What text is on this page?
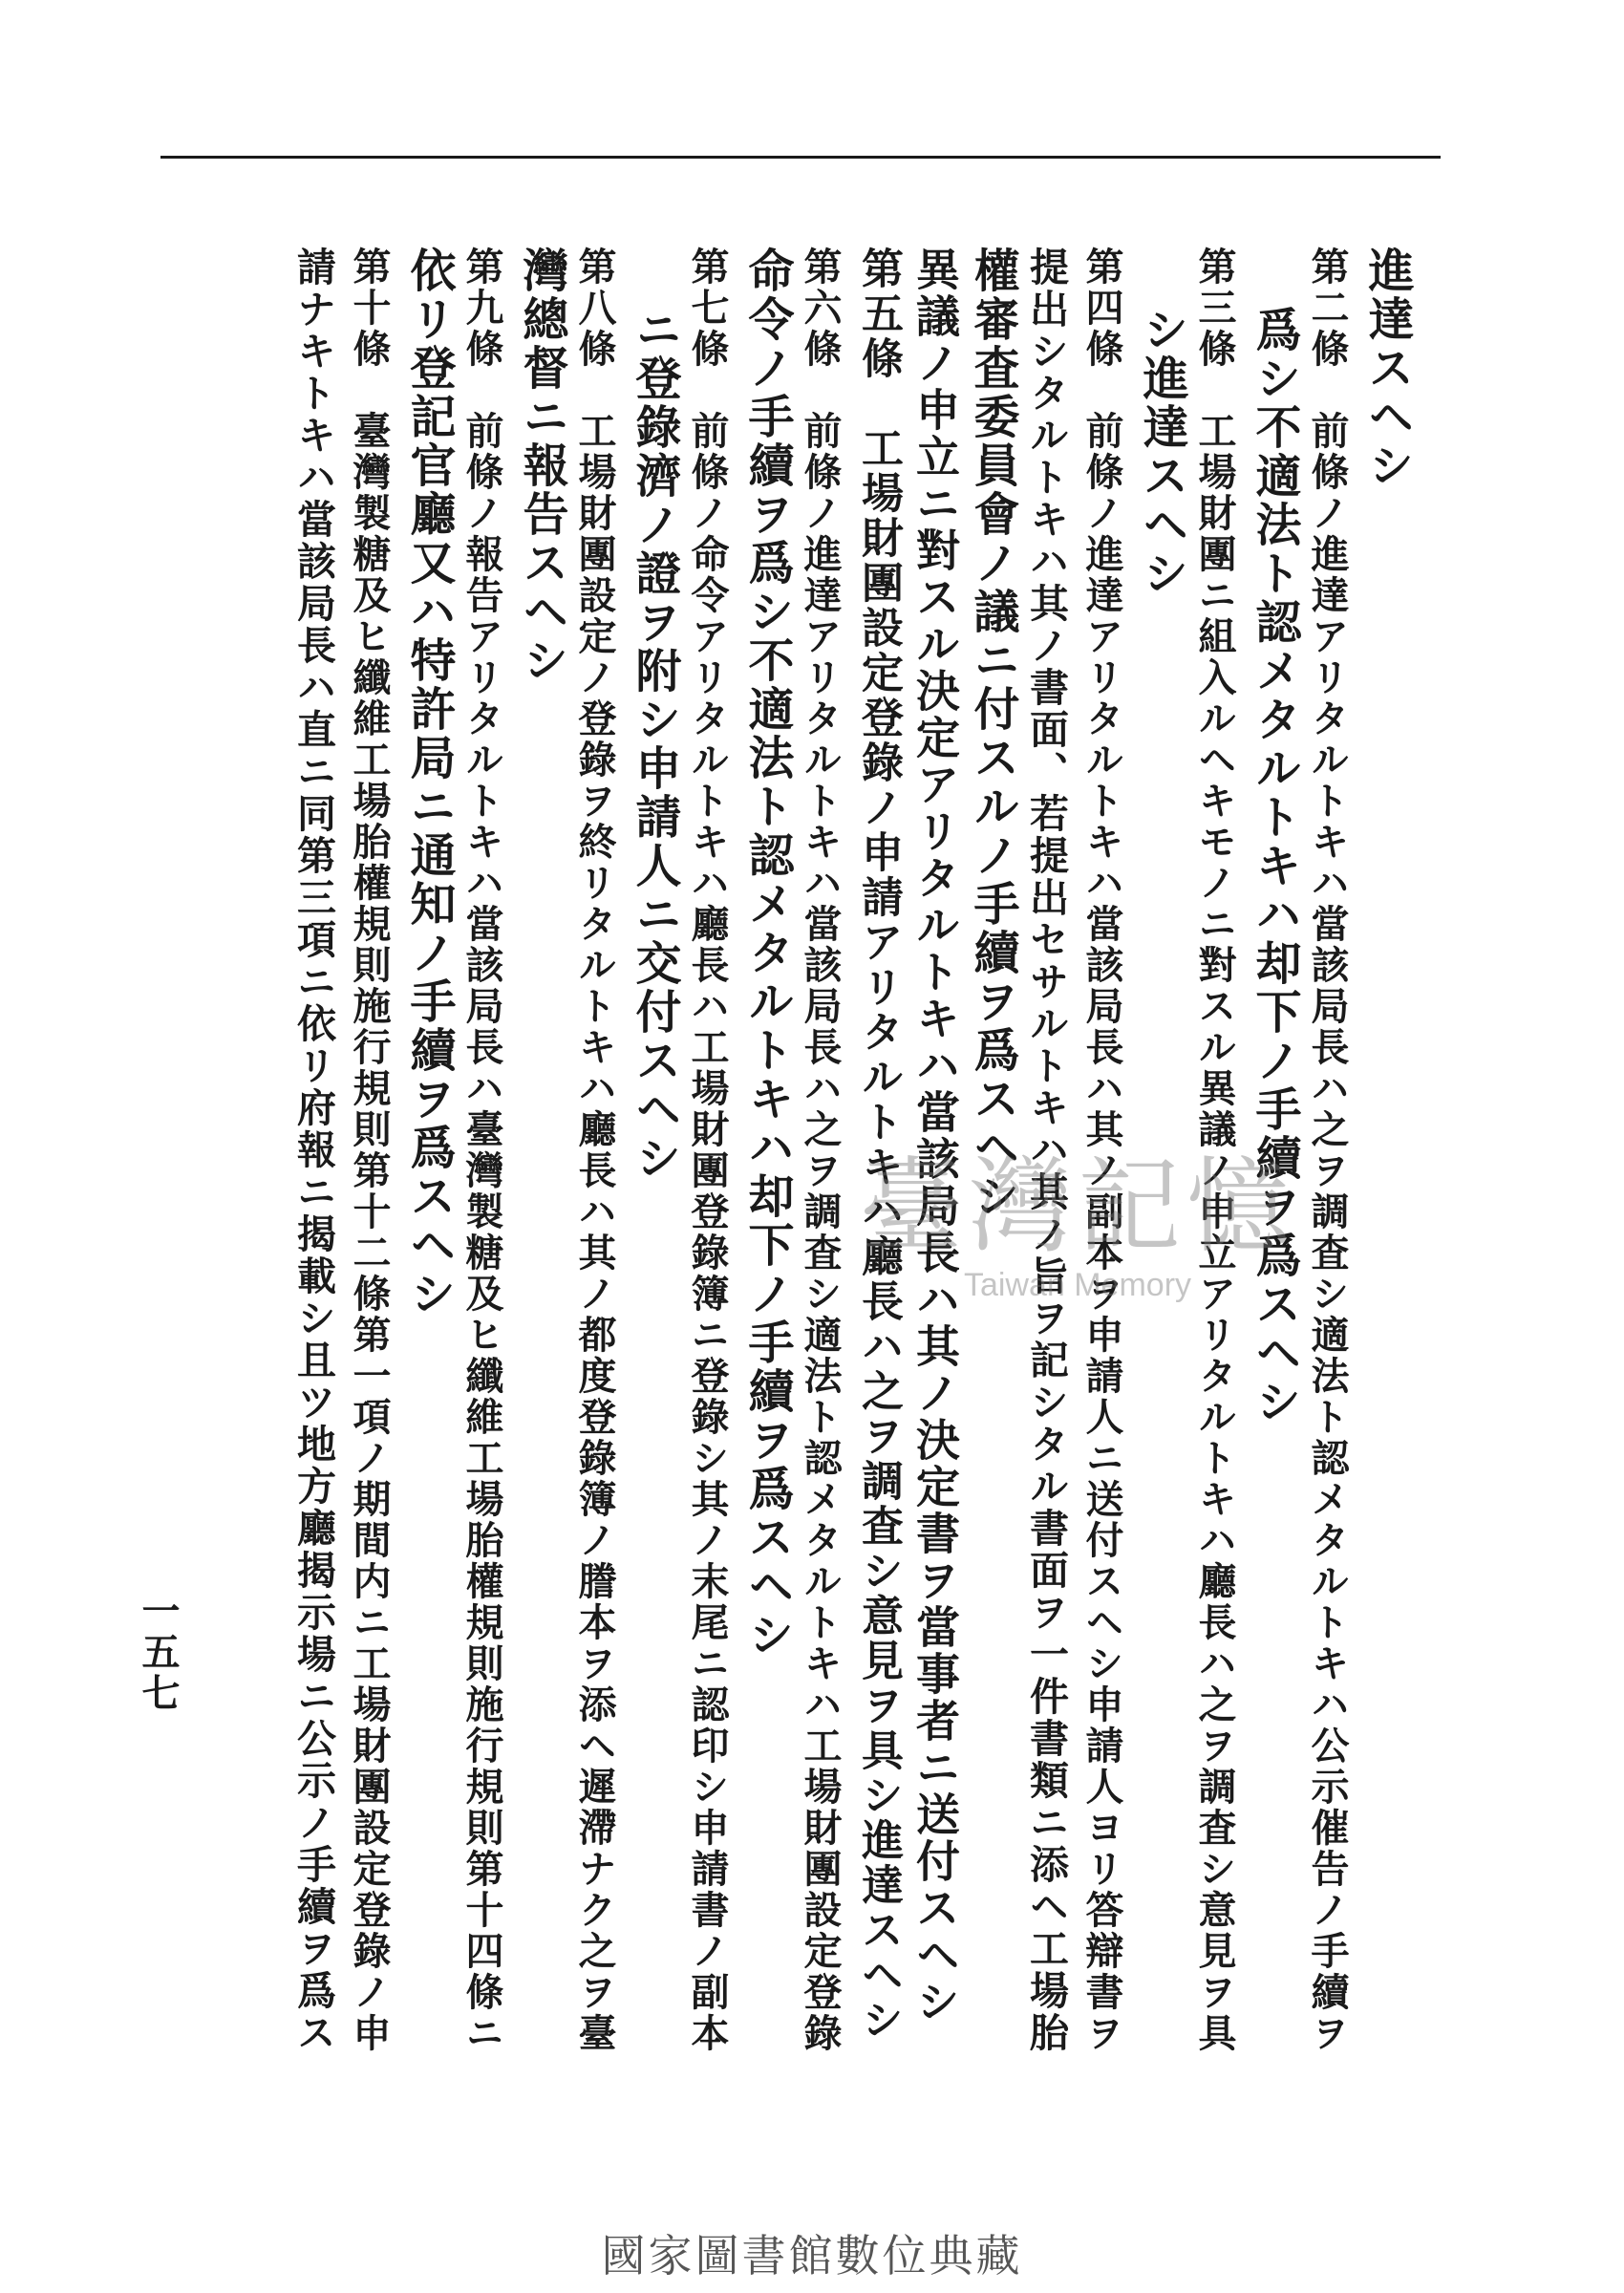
進達スヘシ
第二條　前條ノ進達アリタルトキハ當該局長ハ之ヲ調査シ適法ト認メタルトキハ公示催告ノ手續ヲ
爲シ不適法ト認メタルトキハ却下ノ手續ヲ爲スヘシ
第三條　工場財團ニ組入ルヘキモノニ對スル異議ノ申立アリタルトキハ廳長ハ之ヲ調査シ意見ヲ具
シ進達スヘシ
第四條　前條ノ進達アリタルトキハ當該局長ハ其ノ副本ヲ申請人ニ送付スヘシ申請人ヨリ答辯書ヲ
提出シタルトキハ其ノ書面、若提出セサルトキハ其ノ旨ヲ記シタル書面ヲ一件書類ニ添ヘ工場胎
權審査委員會ノ議ニ付スルノ手續ヲ爲スヘシ
異議ノ申立ニ對スル決定アリタルトキハ當該局長ハ其ノ決定書ヲ當事者ニ送付スヘシ
第五條　工場財團設定登錄ノ申請アリタルトキハ廳長ハ之ヲ調査シ意見ヲ具シ進達スヘシ
第六條　前條ノ進達アリタルトキハ當該局長ハ之ヲ調査シ適法ト認メタルトキハ工場財團設定登錄
命令ノ手續ヲ爲シ不適法ト認メタルトキハ却下ノ手續ヲ爲スヘシ
第七條　前條ノ命令アリタルトキハ廳長ハ工場財團登錄簿ニ登錄シ其ノ末尾ニ認印シ申請書ノ副本
ニ登錄濟ノ證ヲ附シ申請人ニ交付スヘシ
第八條　工場財團設定ノ登錄ヲ終リタルトキハ廳長ハ其ノ都度登錄簿ノ謄本ヲ添ヘ遲滯ナク之ヲ臺
灣總督ニ報告スヘシ
第九條　前條ノ報告アリタルトキハ當該局長ハ臺灣製糖及ヒ纖維工場胎權規則施行規則第十四條ニ
依リ登記官廳又ハ特許局ニ通知ノ手續ヲ爲スヘシ
第十條　臺灣製糖及ヒ纖維工場胎權規則施行規則第十二條第一項ノ期間内ニ工場財團設定登錄ノ申
請ナキトキハ當該局長ハ直ニ同第三項ニ依リ府報ニ揭載シ且ツ地方廳揭示場ニ公示ノ手續ヲ爲ス
一五七
臺灣記憶
Taiwan Memory
國家圖書館數位典藏
